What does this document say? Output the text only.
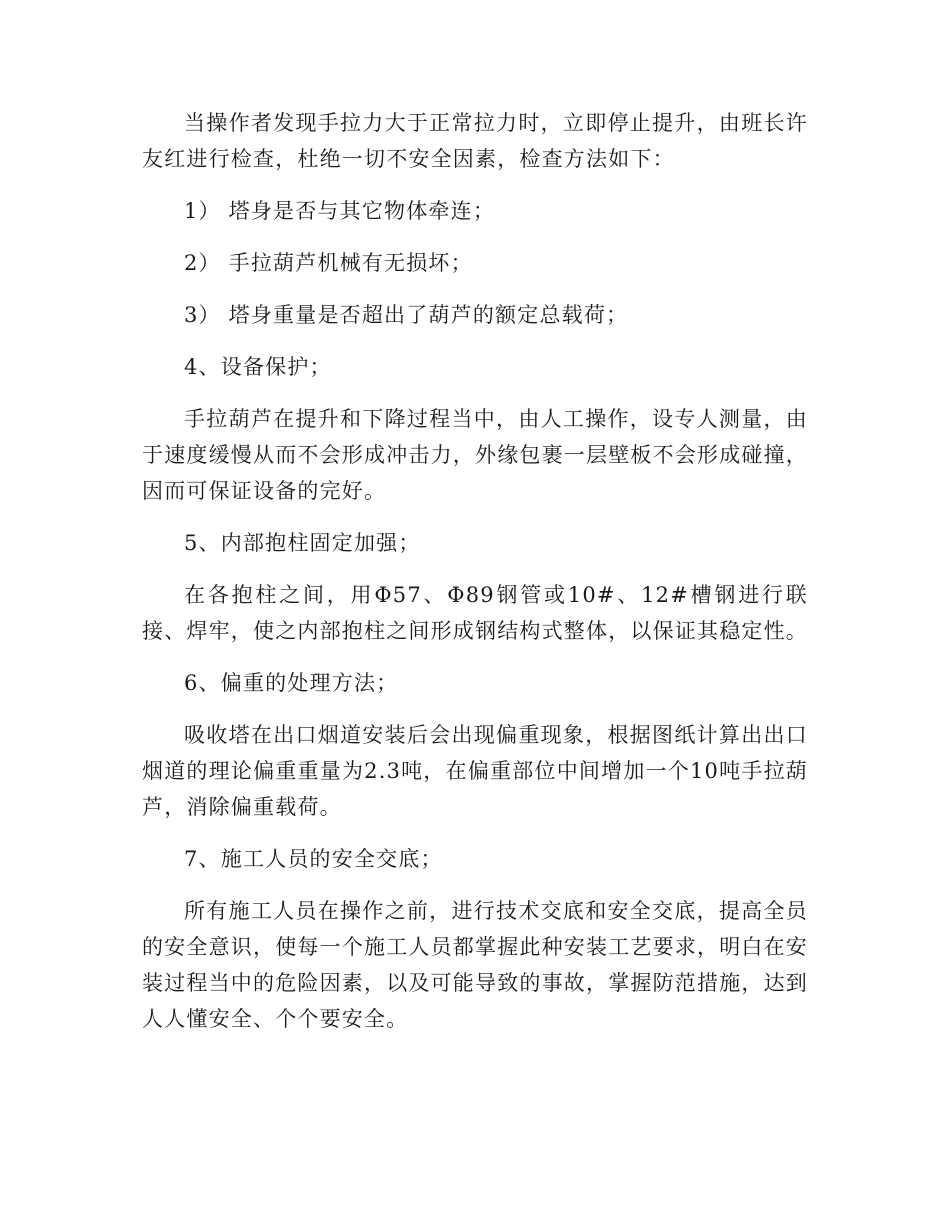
当操作者发现手拉力大于正常拉力时，立即停止提升，由班长许友红进行检查，杜绝一切不安全因素，检查方法如下：

1） 塔身是否与其它物体牵连；

2） 手拉葫芦机械有无损坏；

3） 塔身重量是否超出了葫芦的额定总载荷；

4、设备保护；

手拉葫芦在提升和下降过程当中，由人工操作，设专人测量，由于速度缓慢从而不会形成冲击力，外缘包裹一层壁板不会形成碰撞，因而可保证设备的完好。

5、内部抱柱固定加强；

在各抱柱之间，用Φ57、Φ89钢管或10#、12#槽钢进行联接、焊牢，使之内部抱柱之间形成钢结构式整体，以保证其稳定性。

6、偏重的处理方法；

吸收塔在出口烟道安装后会出现偏重现象，根据图纸计算出出口烟道的理论偏重重量为2.3吨，在偏重部位中间增加一个10吨手拉葫芦，消除偏重载荷。

7、施工人员的安全交底；

所有施工人员在操作之前，进行技术交底和安全交底，提高全员的安全意识，使每一个施工人员都掌握此种安装工艺要求，明白在安装过程当中的危险因素，以及可能导致的事故，掌握防范措施，达到人人懂安全、个个要安全。
